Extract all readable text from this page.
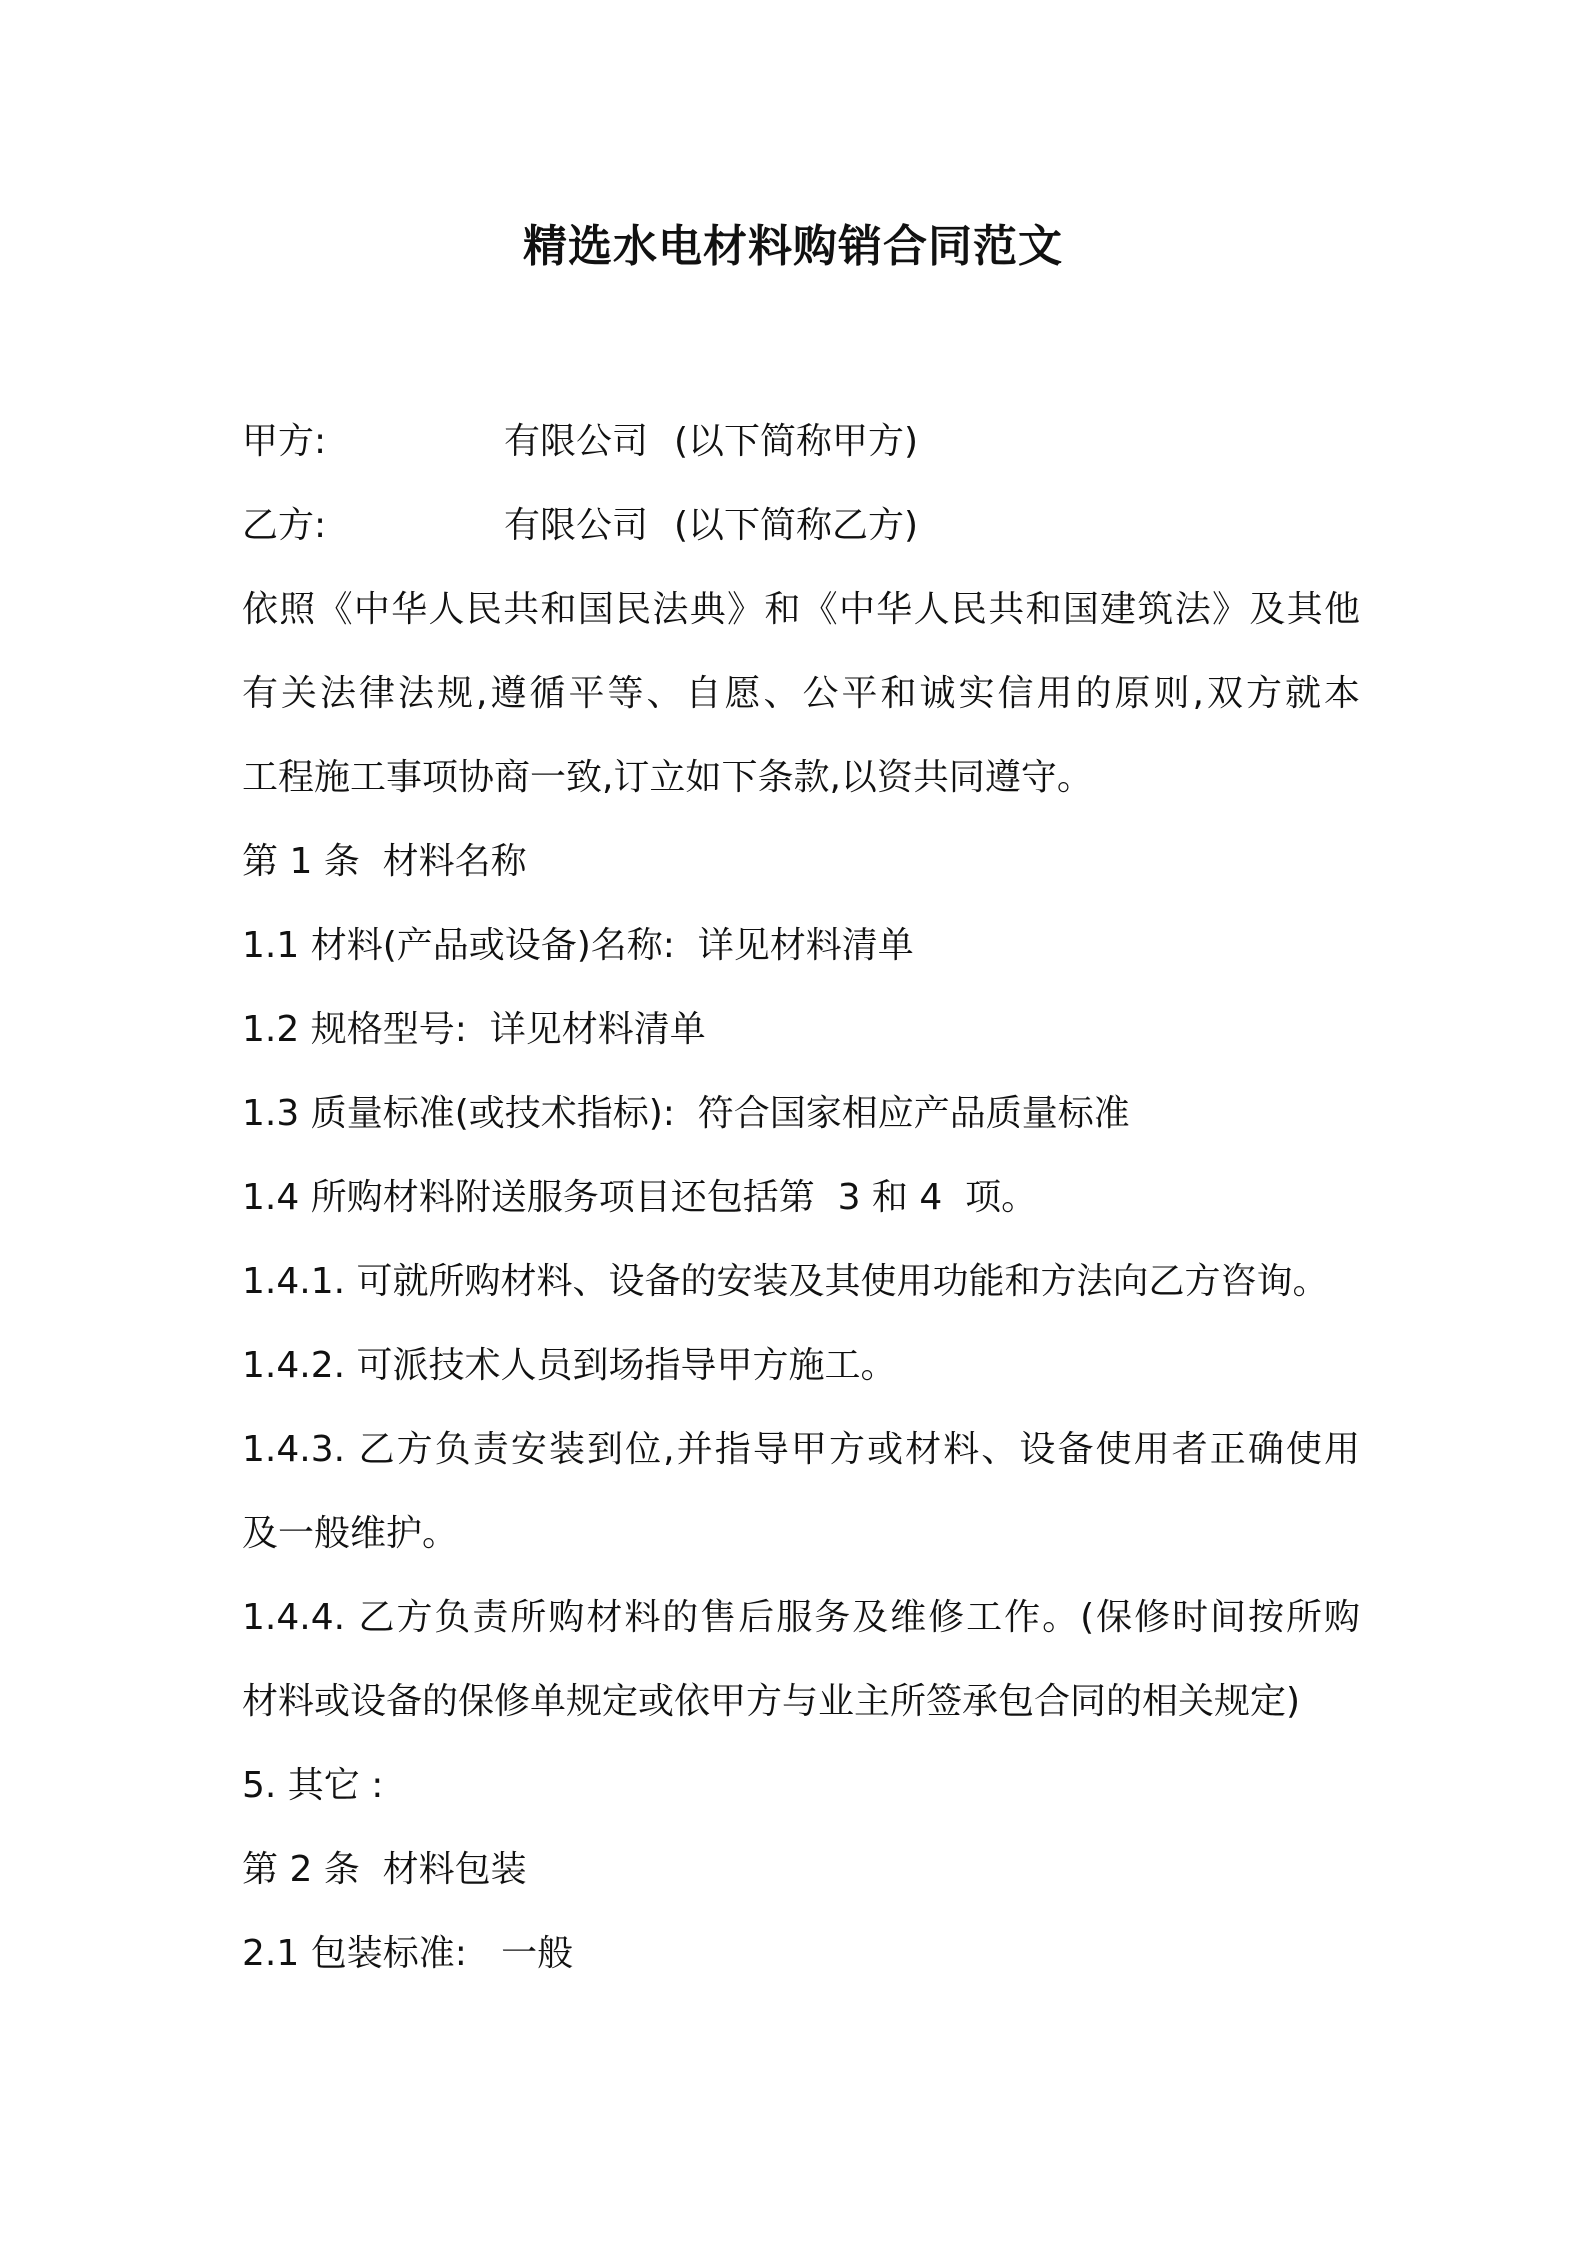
精选水电材料购销合同范文
甲方:	有限公司 (以下简称甲方)
乙方:	有限公司 (以下简称乙方)
依照《中华人民共和国民法典》和《中华人民共和国建筑法》及其他
有关法律法规,遵循平等、自愿、公平和诚实信用的原则,双方就本
工程施工事项协商一致,订立如下条款,以资共同遵守。
第 1 条  材料名称
1.1 材料(产品或设备)名称:  详见材料清单
1.2 规格型号:  详见材料清单
1.3 质量标准(或技术指标):  符合国家相应产品质量标准
1.4 所购材料附送服务项目还包括第  3 和 4  项。
1.4.1. 可就所购材料、设备的安装及其使用功能和方法向乙方咨询。
1.4.2. 可派技术人员到场指导甲方施工。
1.4.3. 乙方负责安装到位,并指导甲方或材料、设备使用者正确使用
及一般维护。
1.4.4. 乙方负责所购材料的售后服务及维修工作。(保修时间按所购
材料或设备的保修单规定或依甲方与业主所签承包合同的相关规定)
5. 其它 :
第 2 条  材料包装
2.1 包装标准:   一般
